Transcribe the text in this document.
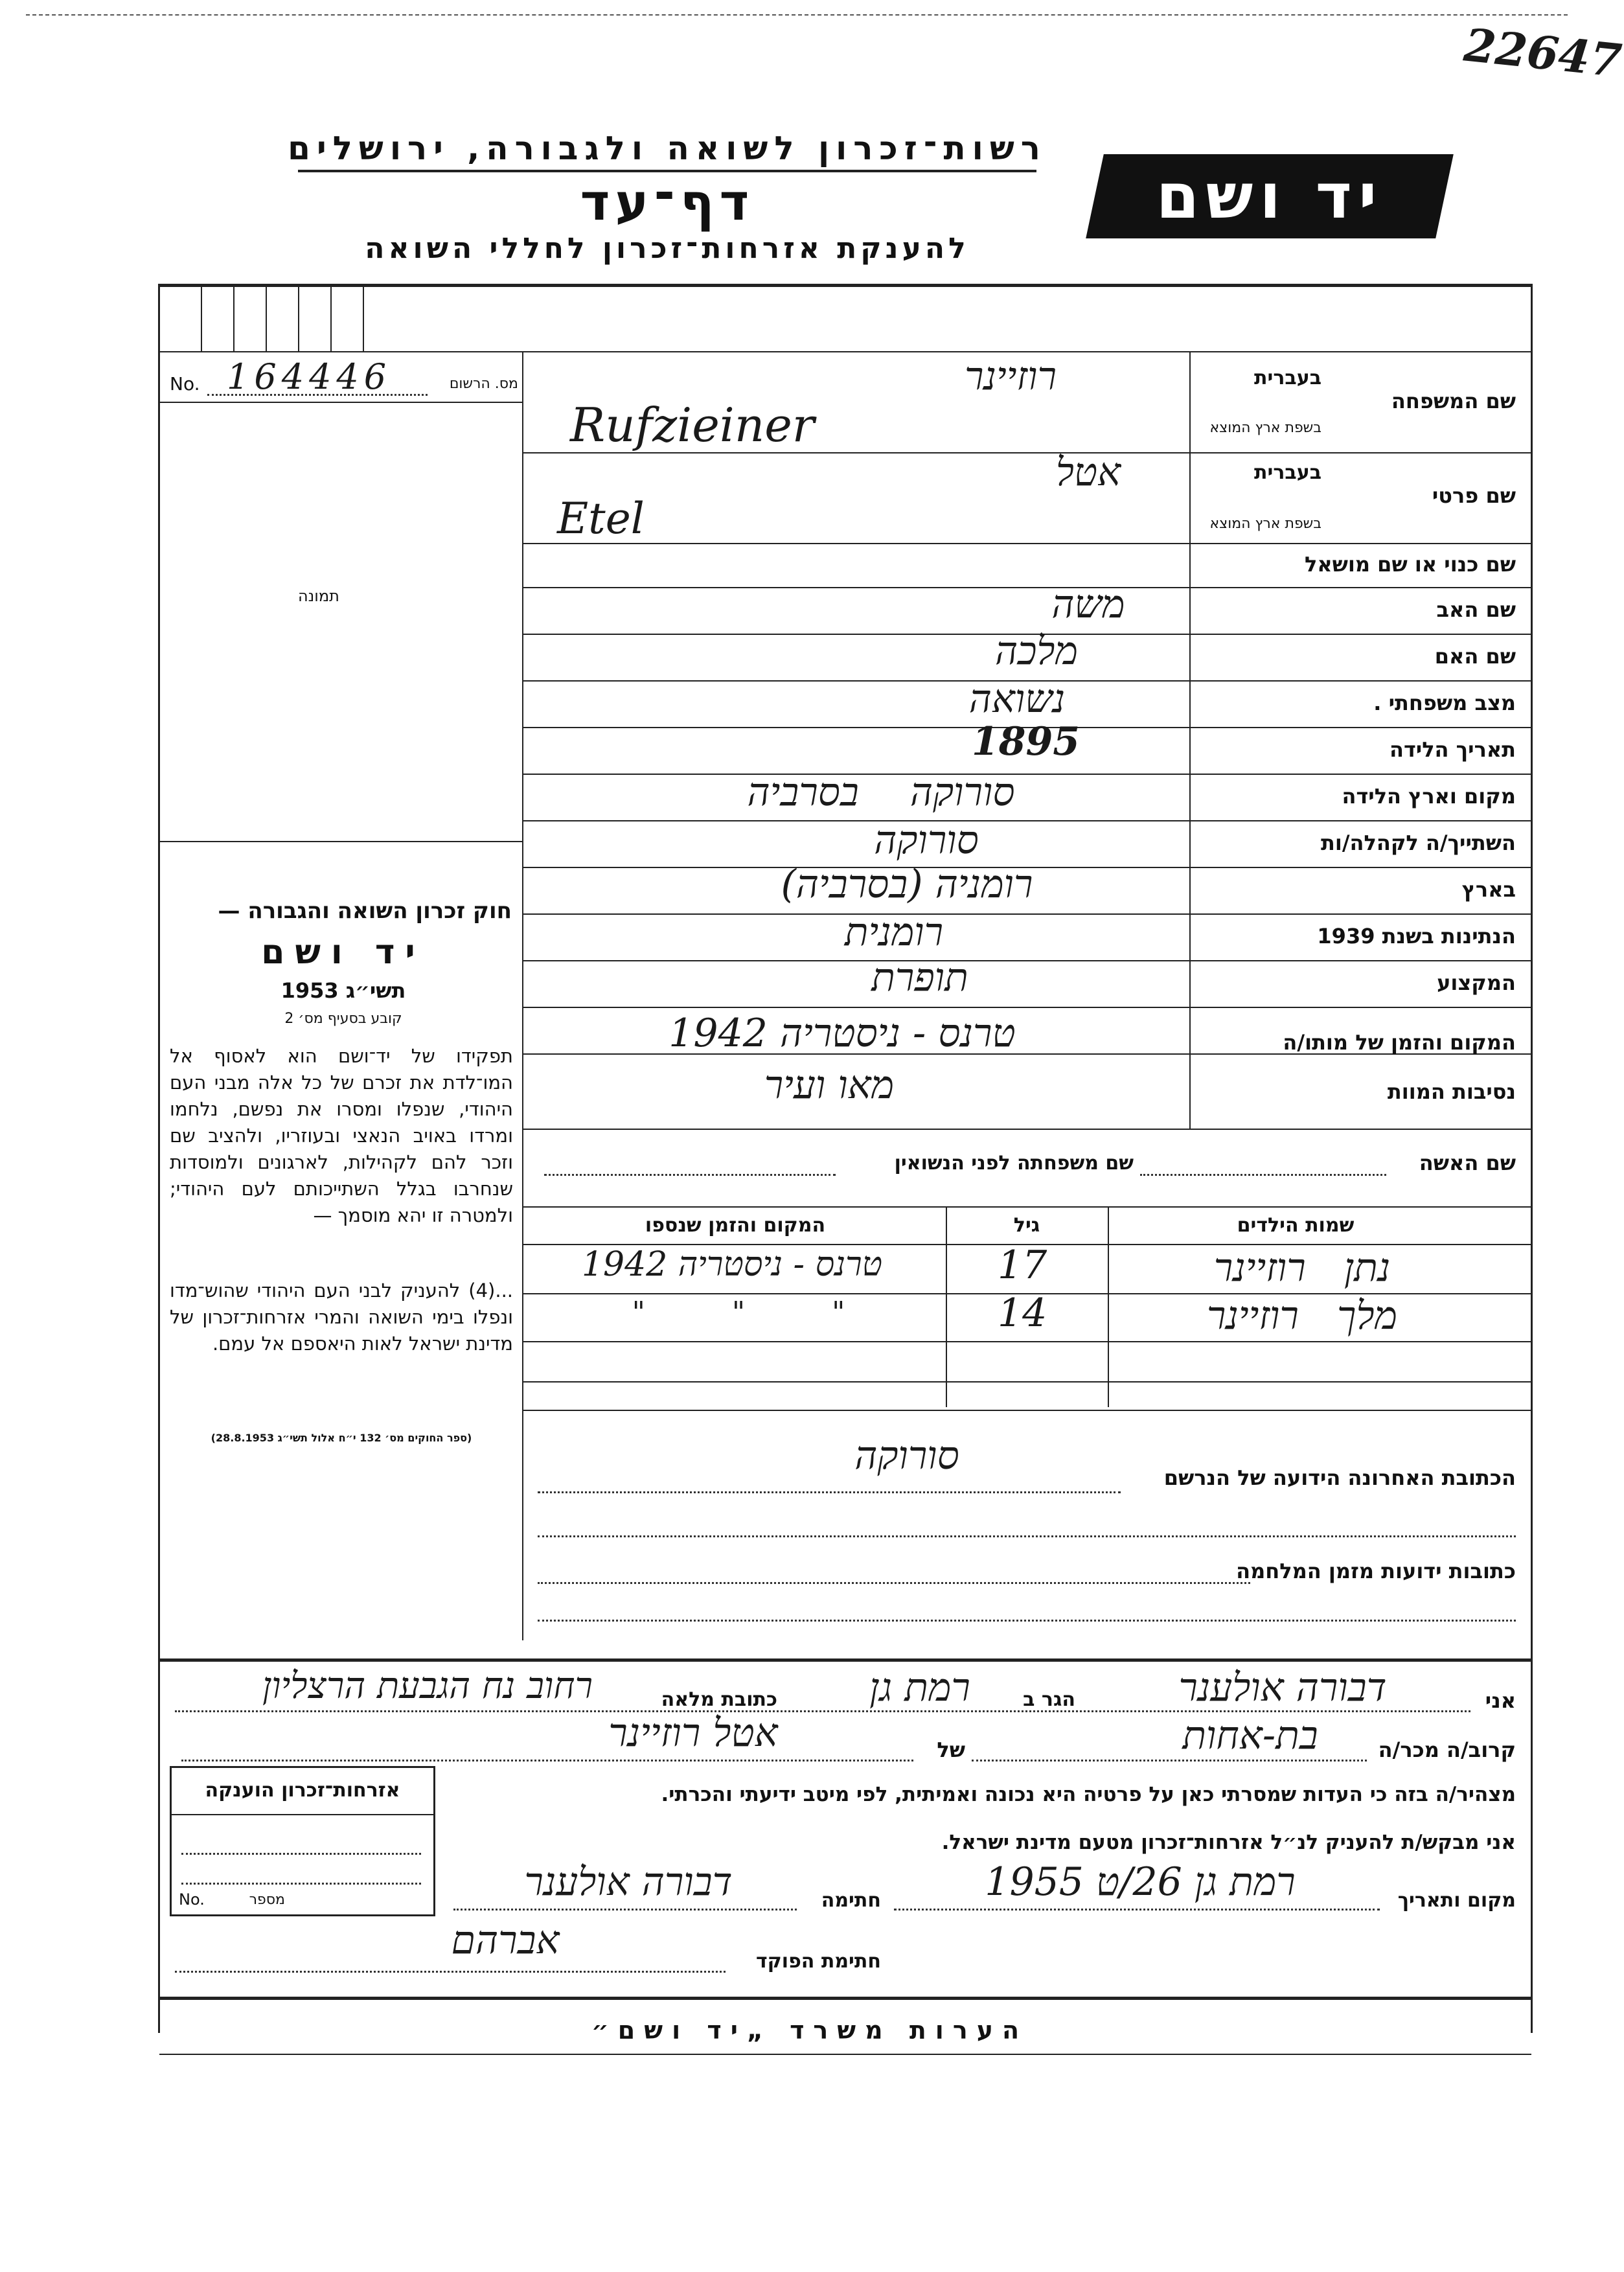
22647
רשות־זכרון לשואה ולגבורה, ירושלים
דף־עד
להענקת אזרחות־זכרון לחללי השואה
יד ושם
No. 164446	מס. הרשום
תמונה
בעברית
שם המשפחה
בשפת ארץ המוצא
בעברית
שם פרטי
בשפת ארץ המוצא
שם כנוי או שם מושאל
שם האב
שם האם
מצב משפחתי .
תאריך הלידה
מקום וארץ הלידה
השתייך/ה לקהלה/ות
בארץ
הנתינות בשנת 1939
המקצוע
המקום והזמן של מותו/ה
נסיבות המוות
רוזיינר
Rufzieiner
אטל
Etel
משה
מלכה
נשואה
1895
סורוקה בסרביה
סורוקה
רומניה (בסרביה)
רומנית
תופרת
טרנס - ניסטריה 1942
מאו ועיר
חוק זכרון השואה והגבורה —
יד ושם
תשי״ג 1953
קובע בסעיף מס׳ 2
תפקידו של יד־ושם הוא לאסוף אל המו־לדת את זכרם של כל אלה מבני העם היהודי, שנפלו ומסרו את נפשם, נלחמו ומרדו באויב הנאצי ובעוזריו, ולהציב שם וזכר להם לקהילות, לארגונים ולמוסדות שנחרבו בגלל השתייכותם לעם היהודי; ולמטרה זו יהא מוסמך —
...(4) להעניק לבני העם היהודי שהוש־מדו ונפלו בימי השואה והמרי אזרחות־זכרון של מדינת ישראל לאות היאספם אל עמם.
(ספר החוקים מס׳ 132 י״ח אלול תשי״ג 28.8.1953)
שם האשה
שם משפחתה לפני הנשואין
שמות הילדים
גיל
המקום והזמן שנספו
נתן רוזיינר
17
טרנס - ניסטריה 1942
מלך רוזיינר
14
" " "
הכתובת האחרונה הידועה של הנרשם
סורוקה
כתובות ידועות מזמן המלחמה
אני
דבורה אולענר
הגר ב
רמת גן
כתובת מלאה
רחוב נח הגבעת הרצליון
קרוב/ה מכר/ה
בת-אחות
של
אטל רוזיינר
מצהיר/ה בזה כי העדות שמסרתי כאן על פרטיה היא נכונה ואמיתית, לפי מיטב ידיעתי והכרתי.
אני מבקש/ת להעניק לנ״ל אזרחות־זכרון מטעם מדינת ישראל.
מקום ותאריך
רמת גן 26/ט 1955
חתימה
דבורה אולענר
חתימת הפוקד
אברהם
אזרחות־זכרון הוענקה
No.	מספר
הערות משרד „יד ושם״
